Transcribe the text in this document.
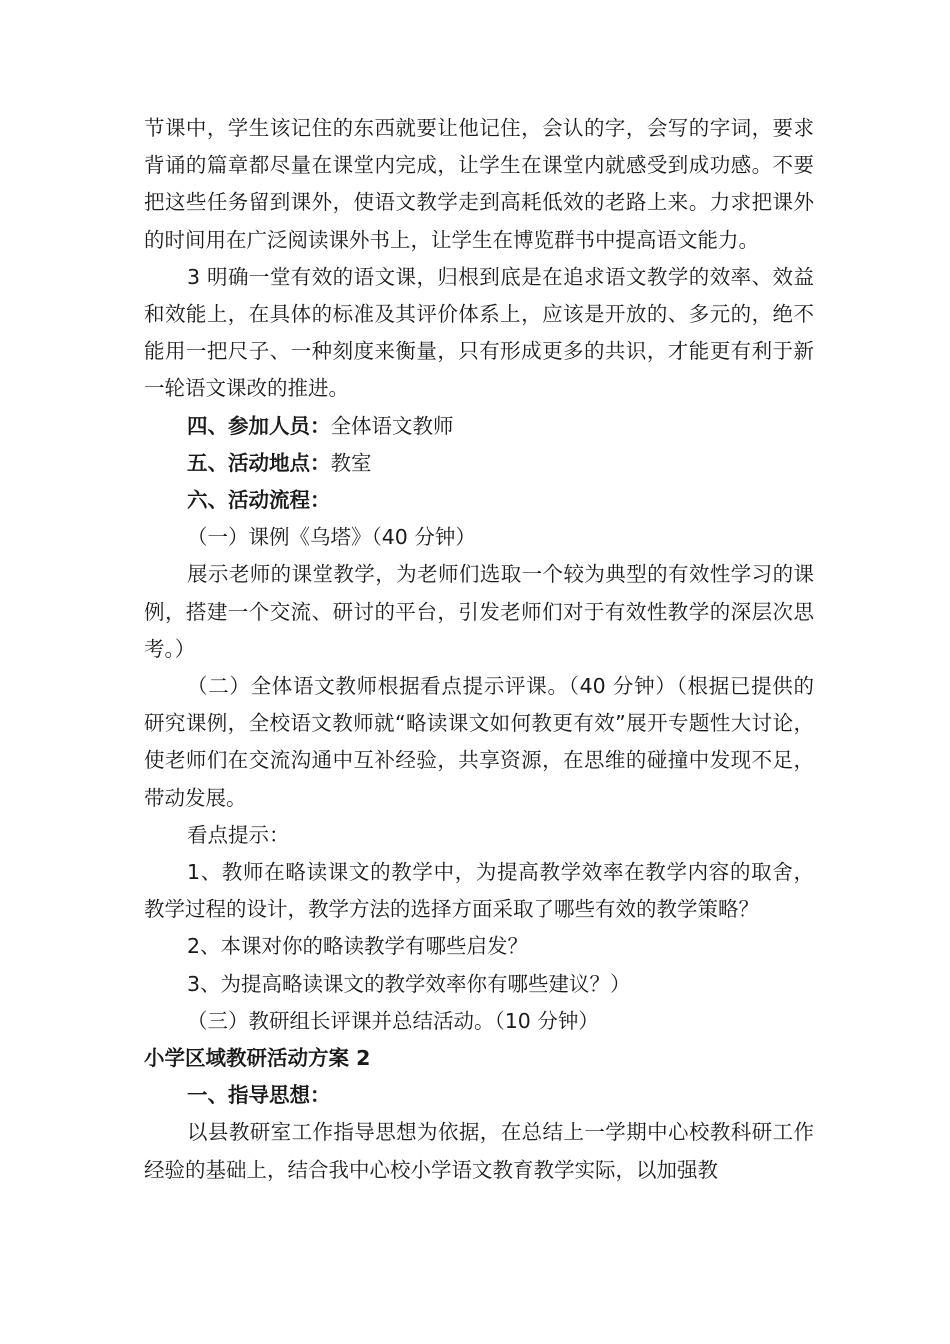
节课中，学生该记住的东西就要让他记住，会认的字，会写的字词，要求背诵的篇章都尽量在课堂内完成，让学生在课堂内就感受到成功感。不要把这些任务留到课外，使语文教学走到高耗低效的老路上来。力求把课外的时间用在广泛阅读课外书上，让学生在博览群书中提高语文能力。

3 明确一堂有效的语文课，归根到底是在追求语文教学的效率、效益和效能上，在具体的标准及其评价体系上，应该是开放的、多元的，绝不能用一把尺子、一种刻度来衡量，只有形成更多的共识，才能更有利于新一轮语文课改的推进。

四、参加人员：全体语文教师

五、活动地点：教室

六、活动流程：

（一）课例《乌塔》（40 分钟）

展示老师的课堂教学，为老师们选取一个较为典型的有效性学习的课例，搭建一个交流、研讨的平台，引发老师们对于有效性教学的深层次思考。）

（二）全体语文教师根据看点提示评课。（40 分钟）（根据已提供的研究课例，全校语文教师就“略读课文如何教更有效”展开专题性大讨论，使老师们在交流沟通中互补经验，共享资源，在思维的碰撞中发现不足，带动发展。

看点提示：

1、教师在略读课文的教学中，为提高教学效率在教学内容的取舍，教学过程的设计，教学方法的选择方面采取了哪些有效的教学策略？

2、本课对你的略读教学有哪些启发？

3、为提高略读课文的教学效率你有哪些建议？）

（三）教研组长评课并总结活动。（10 分钟）

小学区域教研活动方案 2

一、指导思想：

以县教研室工作指导思想为依据，在总结上一学期中心校教科研工作经验的基础上，结合我中心校小学语文教育教学实际，以加强教
